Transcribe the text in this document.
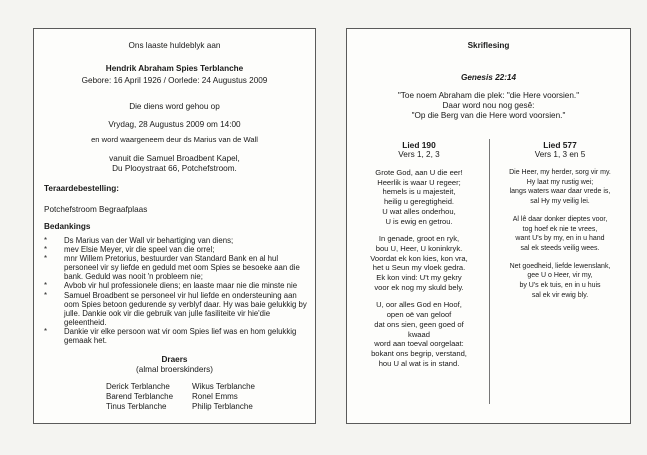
Ons laaste huldeblyk aan
Hendrik Abraham Spies Terblanche
Gebore: 16 April 1926 / Oorlede: 24 Augustus 2009
Die diens word gehou op
Vrydag, 28 Augustus 2009 om 14:00
en word waargeneem deur ds Marius van de Wall
vanuit die Samuel Broadbent Kapel,
Du Plooystraat 66, Potchefstroom.
Teraardebestelling:
Potchefstroom Begraafplaas
Bedankings
* Ds Marius van der Wall vir behartiging van diens;
* mev Elsie Meyer, vir die speel van die orrel;
* mnr Willem Pretorius, bestuurder van Standard Bank en al hul personeel vir sy liefde en geduld met oom Spies se besoeke aan die bank. Geduld was nooit 'n probleem nie;
* Avbob vir hul professionele diens; en laaste maar nie die minste nie
* Samuel Broadbent se personeel vir hul liefde en ondersteuning aan oom Spies betoon gedurende sy verblyf daar. Hy was baie gelukkig by julle. Dankie ook vir die gebruik van julle fasiliteite vir hie'die geleentheid.
* Dankie vir elke persoon wat vir oom Spies lief was en hom gelukkig gemaak het.
Draers
(almal broerskinders)
Derick Terblanche
Barend Terblanche
Tinus Terblanche
Wikus Terblanche
Ronel Emms
Philip Terblanche
Skriflesing
Genesis 22:14
"Toe noem Abraham die plek: "die Here voorsien."
Daar word nou nog gesê:
"Op die Berg van die Here word voorsien."
Lied 190
Vers 1, 2, 3
Grote God, aan U die eer!
Heerlik is waar U regeer;
hemels is u majesteit,
heilig u geregtigheid.
U wat alles onderhou,
U is ewig en getrou.
In genade, groot en ryk,
bou U, Heer, U koninkryk.
Voordat ek kon kies, kon vra,
het u Seun my vloek gedra.
Ek kon vind: U't my gekry
voor ek nog my skuld bely.
U, oor alles God en Hoof,
open oë van geloof
dat ons sien, geen goed of
kwaad
word aan toeval oorgelaat:
bokant ons begrip, verstand,
hou U al wat is in stand.
Lied 577
Vers 1, 3 en 5
Die Heer, my herder, sorg vir my.
Hy laat my rustig wei;
langs waters waar daar vrede is,
sal Hy my veilig lei.
Al lê daar donker dieptes voor,
tog hoef ek nie te vrees,
want U's by my, en in u hand
sal ek steeds veilig wees.
Net goedheid, liefde lewenslank,
gee U o Heer, vir my,
by U's ek tuis, en in u huis
sal ek vir ewig bly.
